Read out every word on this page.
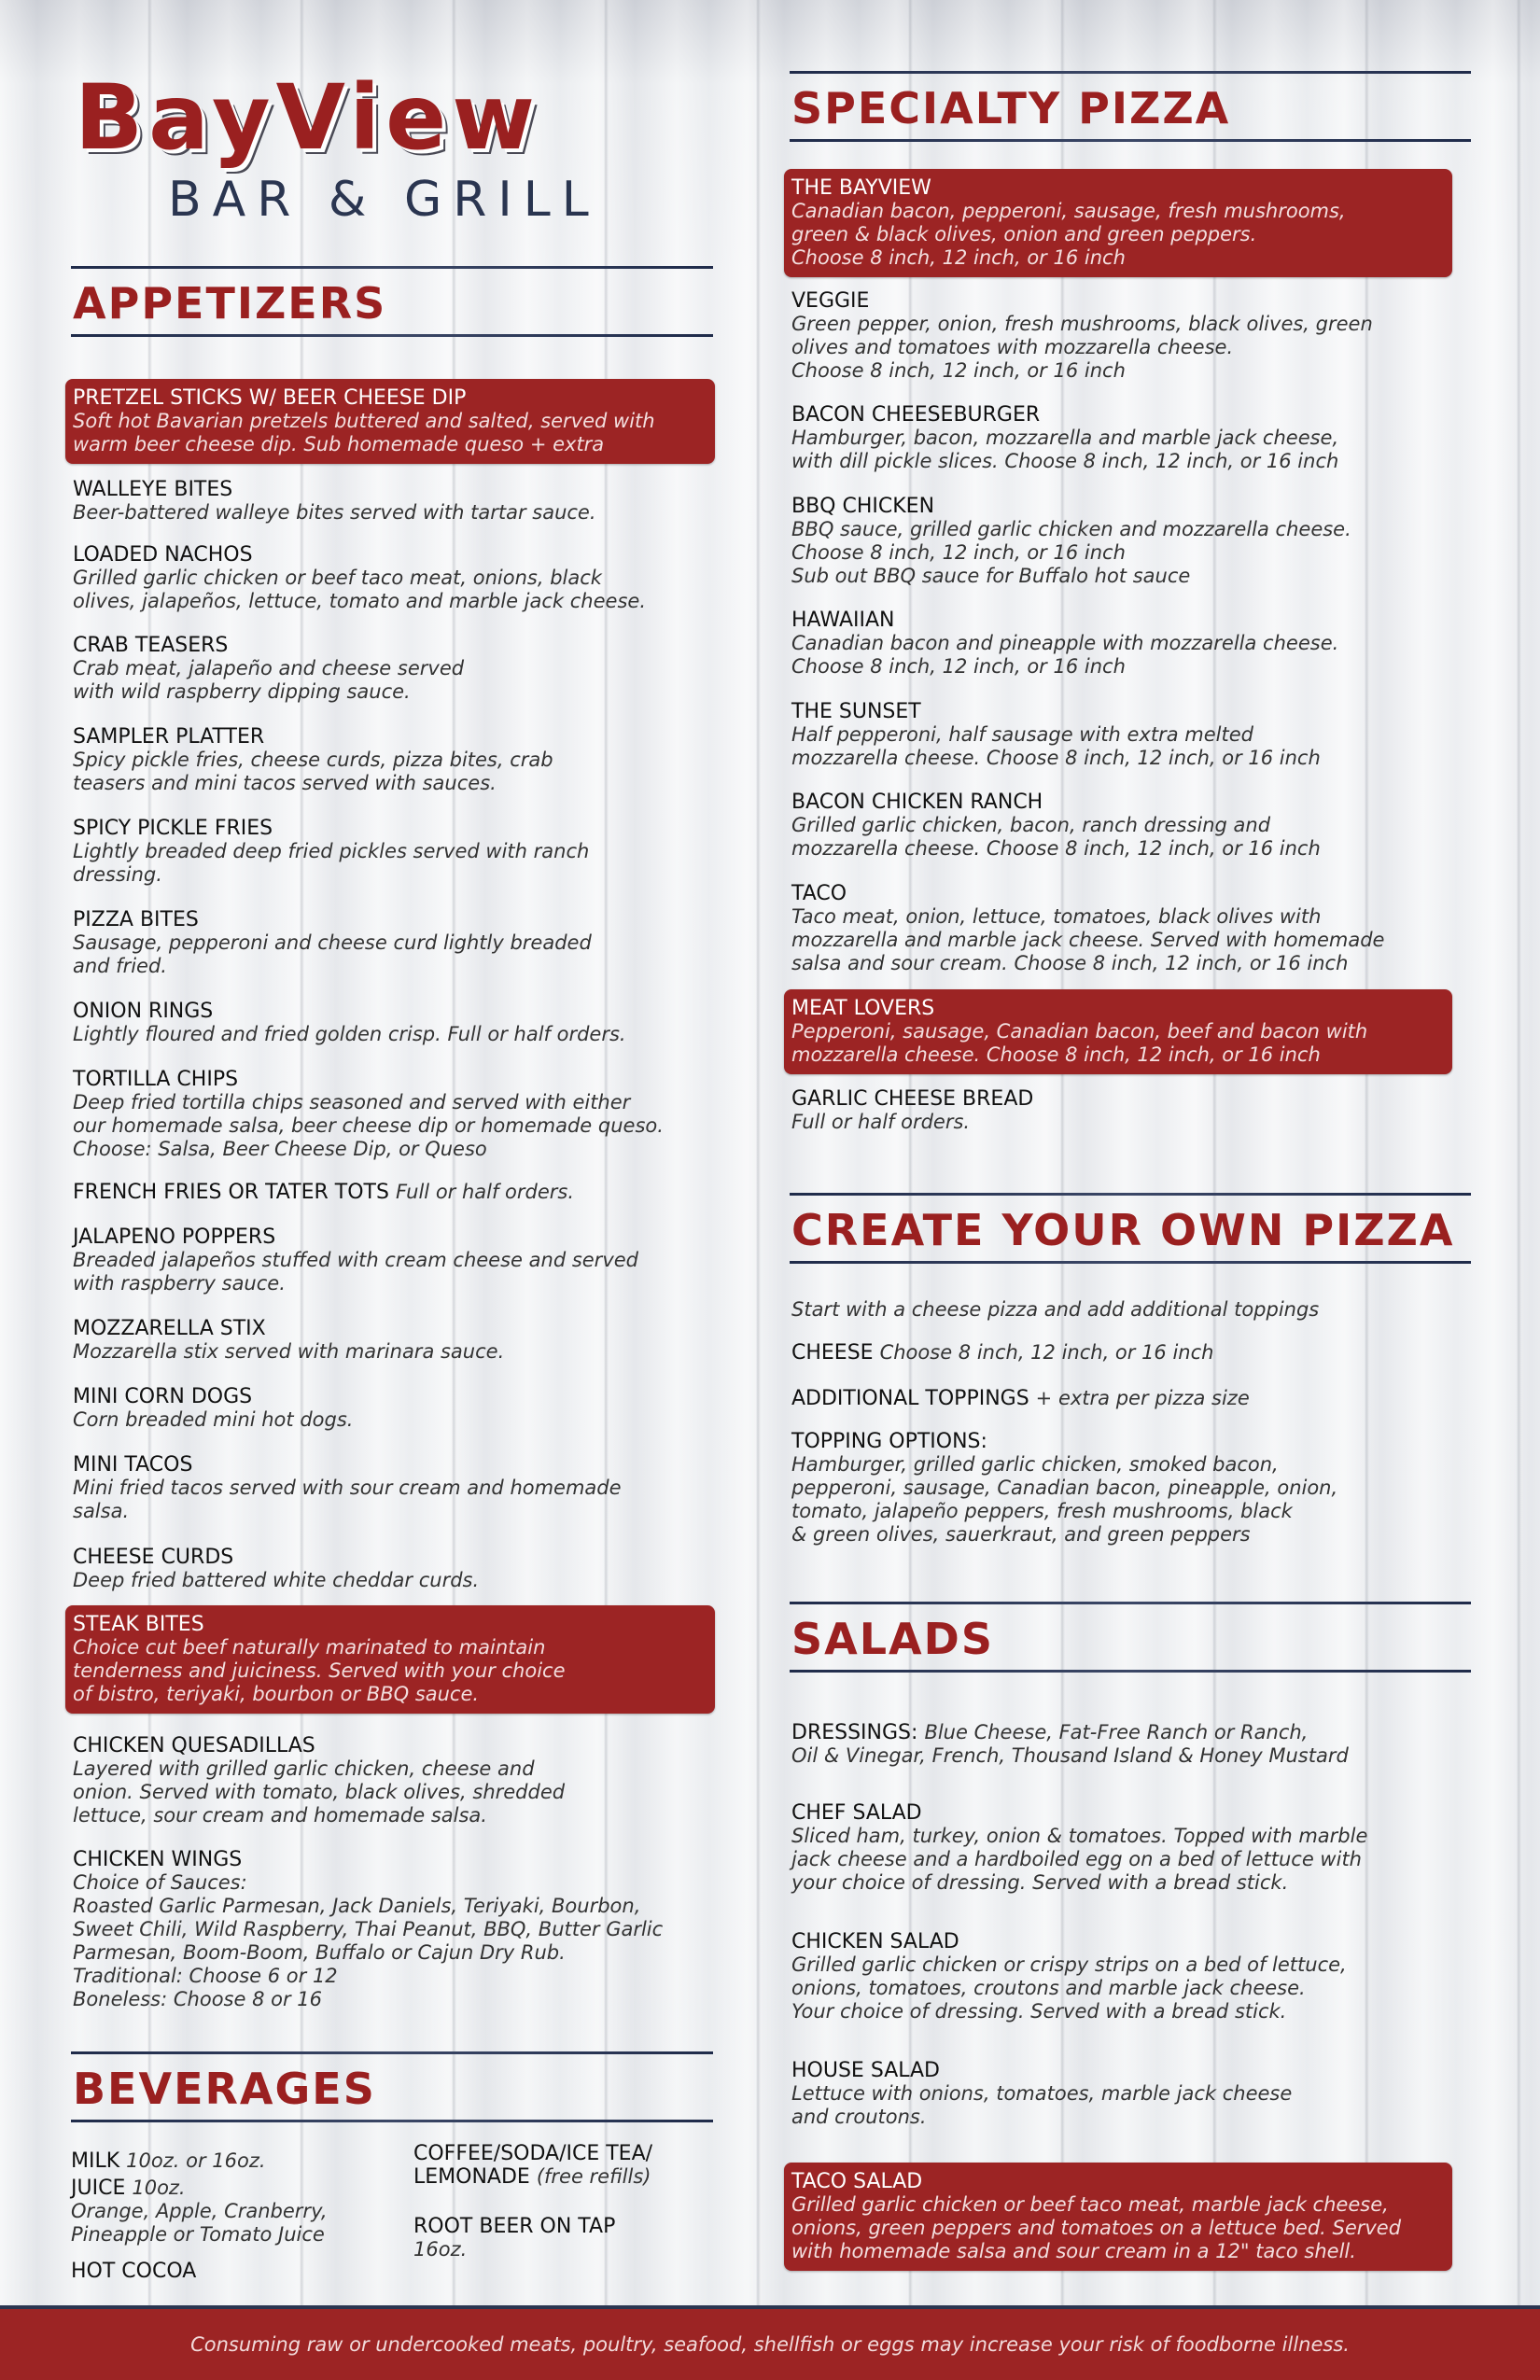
BayView
BAR & GRILL
APPETIZERS
PRETZEL STICKS W/ BEER CHEESE DIP
Soft hot Bavarian pretzels buttered and salted, served with
warm beer cheese dip. Sub homemade queso + extra
WALLEYE BITES
Beer-battered walleye bites served with tartar sauce.
LOADED NACHOS
Grilled garlic chicken or beef taco meat, onions, black
olives, jalapeños, lettuce, tomato and marble jack cheese.
CRAB TEASERS
Crab meat, jalapeño and cheese served
with wild raspberry dipping sauce.
SAMPLER PLATTER
Spicy pickle fries, cheese curds, pizza bites, crab
teasers and mini tacos served with sauces.
SPICY PICKLE FRIES
Lightly breaded deep fried pickles served with ranch
dressing.
PIZZA BITES
Sausage, pepperoni and cheese curd lightly breaded
and fried.
ONION RINGS
Lightly floured and fried golden crisp. Full or half orders.
TORTILLA CHIPS
Deep fried tortilla chips seasoned and served with either
our homemade salsa, beer cheese dip or homemade queso.
Choose: Salsa, Beer Cheese Dip, or Queso
FRENCH FRIES OR TATER TOTS Full or half orders.
JALAPENO POPPERS
Breaded jalapeños stuffed with cream cheese and served
with raspberry sauce.
MOZZARELLA STIX
Mozzarella stix served with marinara sauce.
MINI CORN DOGS
Corn breaded mini hot dogs.
MINI TACOS
Mini fried tacos served with sour cream and homemade
salsa.
CHEESE CURDS
Deep fried battered white cheddar curds.
STEAK BITES
Choice cut beef naturally marinated to maintain
tenderness and juiciness. Served with your choice
of bistro, teriyaki, bourbon or BBQ sauce.
CHICKEN QUESADILLAS
Layered with grilled garlic chicken, cheese and
onion. Served with tomato, black olives, shredded
lettuce, sour cream and homemade salsa.
CHICKEN WINGS
Choice of Sauces:
Roasted Garlic Parmesan, Jack Daniels, Teriyaki, Bourbon,
Sweet Chili, Wild Raspberry, Thai Peanut, BBQ, Butter Garlic
Parmesan, Boom-Boom, Buffalo or Cajun Dry Rub.
Traditional: Choose 6 or 12
Boneless: Choose 8 or 16
BEVERAGES
MILK 10oz. or 16oz.
JUICE 10oz.
Orange, Apple, Cranberry,
Pineapple or Tomato Juice
HOT COCOA
COFFEE/SODA/ICE TEA/
LEMONADE (free refills)
ROOT BEER ON TAP
16oz.
SPECIALTY PIZZA
THE BAYVIEW
Canadian bacon, pepperoni, sausage, fresh mushrooms,
green & black olives, onion and green peppers.
Choose 8 inch, 12 inch, or 16 inch
VEGGIE
Green pepper, onion, fresh mushrooms, black olives, green
olives and tomatoes with mozzarella cheese.
Choose 8 inch, 12 inch, or 16 inch
BACON CHEESEBURGER
Hamburger, bacon, mozzarella and marble jack cheese,
with dill pickle slices. Choose 8 inch, 12 inch, or 16 inch
BBQ CHICKEN
BBQ sauce, grilled garlic chicken and mozzarella cheese.
Choose 8 inch, 12 inch, or 16 inch
Sub out BBQ sauce for Buffalo hot sauce
HAWAIIAN
Canadian bacon and pineapple with mozzarella cheese.
Choose 8 inch, 12 inch, or 16 inch
THE SUNSET
Half pepperoni, half sausage with extra melted
mozzarella cheese. Choose 8 inch, 12 inch, or 16 inch
BACON CHICKEN RANCH
Grilled garlic chicken, bacon, ranch dressing and
mozzarella cheese. Choose 8 inch, 12 inch, or 16 inch
TACO
Taco meat, onion, lettuce, tomatoes, black olives with
mozzarella and marble jack cheese. Served with homemade
salsa and sour cream. Choose 8 inch, 12 inch, or 16 inch
MEAT LOVERS
Pepperoni, sausage, Canadian bacon, beef and bacon with
mozzarella cheese. Choose 8 inch, 12 inch, or 16 inch
GARLIC CHEESE BREAD
Full or half orders.
CREATE YOUR OWN PIZZA
Start with a cheese pizza and add additional toppings
CHEESE Choose 8 inch, 12 inch, or 16 inch
ADDITIONAL TOPPINGS + extra per pizza size
TOPPING OPTIONS:
Hamburger, grilled garlic chicken, smoked bacon,
pepperoni, sausage, Canadian bacon, pineapple, onion,
tomato, jalapeño peppers, fresh mushrooms, black
& green olives, sauerkraut, and green peppers
SALADS
DRESSINGS: Blue Cheese, Fat-Free Ranch or Ranch,
Oil & Vinegar, French, Thousand Island & Honey Mustard
CHEF SALAD
Sliced ham, turkey, onion & tomatoes. Topped with marble
jack cheese and a hardboiled egg on a bed of lettuce with
your choice of dressing. Served with a bread stick.
CHICKEN SALAD
Grilled garlic chicken or crispy strips on a bed of lettuce,
onions, tomatoes, croutons and marble jack cheese.
Your choice of dressing. Served with a bread stick.
HOUSE SALAD
Lettuce with onions, tomatoes, marble jack cheese
and croutons.
TACO SALAD
Grilled garlic chicken or beef taco meat, marble jack cheese,
onions, green peppers and tomatoes on a lettuce bed. Served
with homemade salsa and sour cream in a 12" taco shell.
Consuming raw or undercooked meats, poultry, seafood, shellfish or eggs may increase your risk of foodborne illness.
